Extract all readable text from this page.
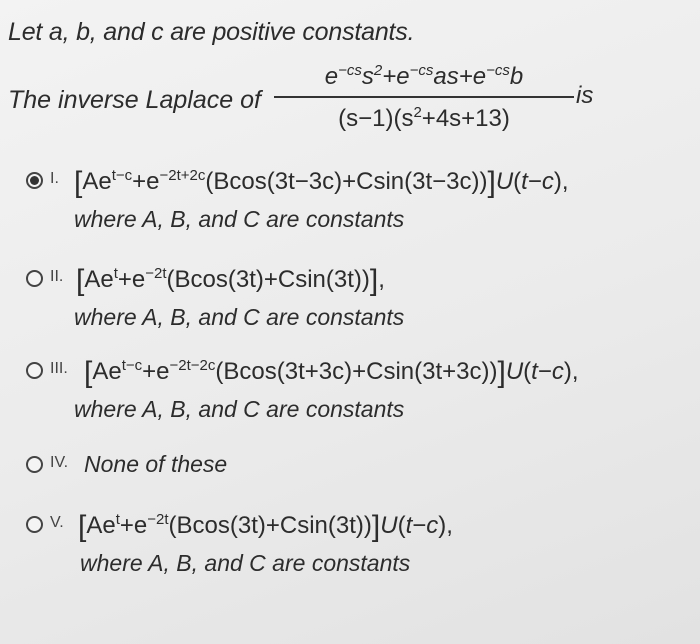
Let a, b, and c are positive constants.
The inverse Laplace of
$e^{-cs}s^2+e^{-cs}as+e^{-cs}b$
$(s-1)(s^2+4s+13)$
is
I. $[Ae^{t-c}+e^{-2t+2c}(Bcos(3t-3c)+Csin(3t-3c))]U(t-c)$,
where A, B, and C are constants
II. $[Ae^t+e^{-2t}(Bcos(3t)+Csin(3t))]$,
where A, B, and C are constants
III. $[Ae^{t-c}+e^{-2t-2c}(Bcos(3t+3c)+Csin(3t+3c))]U(t-c)$,
where A, B, and C are constants
IV. None of these
V. $[Ae^t+e^{-2t}(Bcos(3t)+Csin(3t))]U(t-c)$,
where A, B, and C are constants
